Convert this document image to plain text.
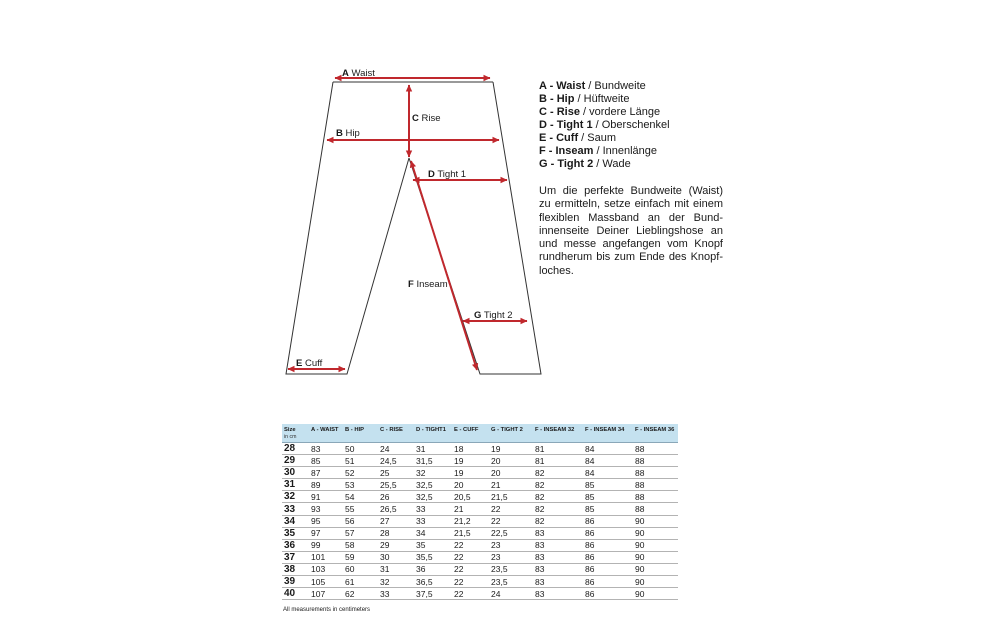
A Waist
C Rise
B Hip
D Tight 1
F Inseam
G Tight 2
E Cuff
A - Waist / Bundweite
B - Hip / Hüftweite
C - Rise / vordere Länge
D - Tight 1 / Oberschenkel
E - Cuff / Saum
F - Inseam / Innenlänge
G - Tight 2 / Wade
Um die perfekte Bundweite (Waist) zu ermitteln, setze einfach mit einem flexiblen Massband an der Bundinnenseite Deiner Lieblingshose an und messe angefangen vom Knopf rundherum bis zum Ende des Knopfloches.
Size
in cm	A - WAIST	B - HIP	C - RISE	D - TIGHT1	E - CUFF	G - TIGHT 2	F - INSEAM 32	F - INSEAM 34	F - INSEAM 36
28	83	50	24	31	18	19	81	84	88
29	85	51	24,5	31,5	19	20	81	84	88
30	87	52	25	32	19	20	82	84	88
31	89	53	25,5	32,5	20	21	82	85	88
32	91	54	26	32,5	20,5	21,5	82	85	88
33	93	55	26,5	33	21	22	82	85	88
34	95	56	27	33	21,2	22	82	86	90
35	97	57	28	34	21,5	22,5	83	86	90
36	99	58	29	35	22	23	83	86	90
37	101	59	30	35,5	22	23	83	86	90
38	103	60	31	36	22	23,5	83	86	90
39	105	61	32	36,5	22	23,5	83	86	90
40	107	62	33	37,5	22	24	83	86	90
All measurements in centimeters
